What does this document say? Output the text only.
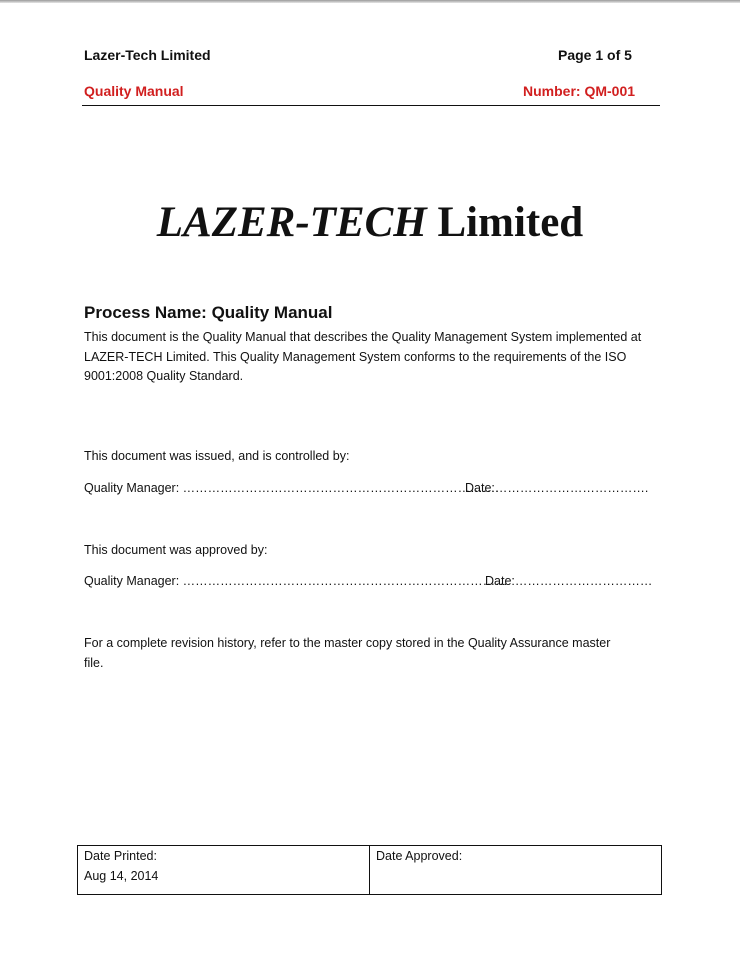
Lazer-Tech Limited	Page 1 of 5
Quality Manual	Number: QM-001
LAZER-TECH Limited
Process Name: Quality Manual
This document is the Quality Manual that describes the Quality Management System implemented at
LAZER-TECH Limited. This Quality Management System conforms to the requirements of the ISO
9001:2008 Quality Standard.
This document was issued, and is controlled by:
Quality Manager: ………………………………………………………………….
Date:……………………………….
This document was approved by:
Quality Manager: ……………………………………………………………………
Date:……………………………
For a complete revision history, refer to the master copy stored in the Quality Assurance master
file.
Date Printed:
Aug 14, 2014
Date Approved:
